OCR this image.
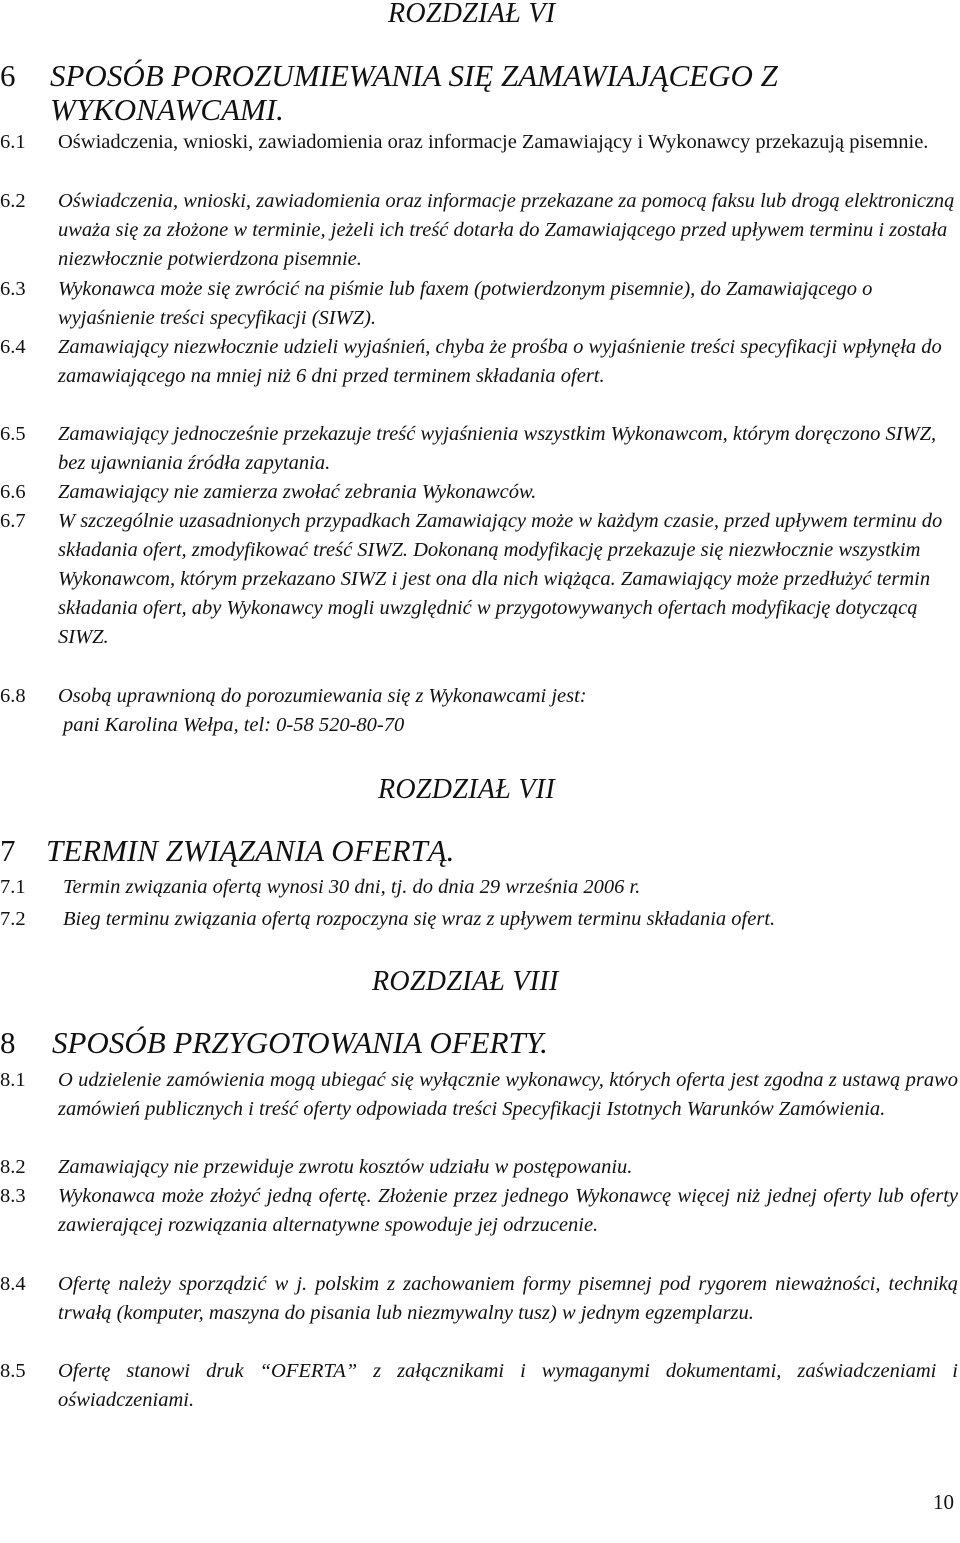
ROZDZIAŁ VI
6 SPOSÓB POROZUMIEWANIA SIĘ ZAMAWIAJĄCEGO Z
WYKONAWCAMI.
6.1 Oświadczenia, wnioski, zawiadomienia oraz informacje Zamawiający i Wykonawcy przekazują pisemnie.
6.2 Oświadczenia, wnioski, zawiadomienia oraz informacje przekazane za pomocą faksu lub drogą elektroniczną uważa się za złożone w terminie, jeżeli ich treść dotarła do Zamawiającego przed upływem terminu i została niezwłocznie potwierdzona pisemnie.
6.3 Wykonawca może się zwrócić na piśmie lub faxem (potwierdzonym pisemnie), do Zamawiającego o wyjaśnienie treści specyfikacji (SIWZ).
6.4 Zamawiający niezwłocznie udzieli wyjaśnień, chyba że prośba o wyjaśnienie treści specyfikacji wpłynęła do zamawiającego na mniej niż 6 dni przed terminem składania ofert.
6.5 Zamawiający jednocześnie przekazuje treść wyjaśnienia wszystkim Wykonawcom, którym doręczono SIWZ, bez ujawniania źródła zapytania.
6.6 Zamawiający nie zamierza zwołać zebrania Wykonawców.
6.7 W szczególnie uzasadnionych przypadkach Zamawiający może w każdym czasie, przed upływem terminu do składania ofert, zmodyfikować treść SIWZ. Dokonaną modyfikację przekazuje się niezwłocznie wszystkim Wykonawcom, którym przekazano SIWZ i jest ona dla nich wiążąca. Zamawiający może przedłużyć termin składania ofert, aby Wykonawcy mogli uwzględnić w przygotowywanych ofertach modyfikację dotyczącą SIWZ.
6.8 Osobą uprawnioną do porozumiewania się z Wykonawcami jest:
pani Karolina Wełpa, tel: 0-58 520-80-70
ROZDZIAŁ VII
7 TERMIN ZWIĄZANIA OFERTĄ.
7.1 Termin związania ofertą wynosi 30 dni, tj. do dnia 29 września 2006 r.
7.2 Bieg terminu związania ofertą rozpoczyna się wraz z upływem terminu składania ofert.
ROZDZIAŁ VIII
8 SPOSÓB PRZYGOTOWANIA OFERTY.
8.1 O udzielenie zamówienia mogą ubiegać się wyłącznie wykonawcy, których oferta jest zgodna z ustawą prawo zamówień publicznych i treść oferty odpowiada treści Specyfikacji Istotnych Warunków Zamówienia.
8.2 Zamawiający nie przewiduje zwrotu kosztów udziału w postępowaniu.
8.3 Wykonawca może złożyć jedną ofertę. Złożenie przez jednego Wykonawcę więcej niż jednej oferty lub oferty zawierającej rozwiązania alternatywne spowoduje jej odrzucenie.
8.4 Ofertę należy sporządzić w j. polskim z zachowaniem formy pisemnej pod rygorem nieważności, techniką trwałą (komputer, maszyna do pisania lub niezmywalny tusz) w jednym egzemplarzu.
8.5 Ofertę stanowi druk “OFERTA” z załącznikami i wymaganymi dokumentami, zaświadczeniami i oświadczeniami.
10
